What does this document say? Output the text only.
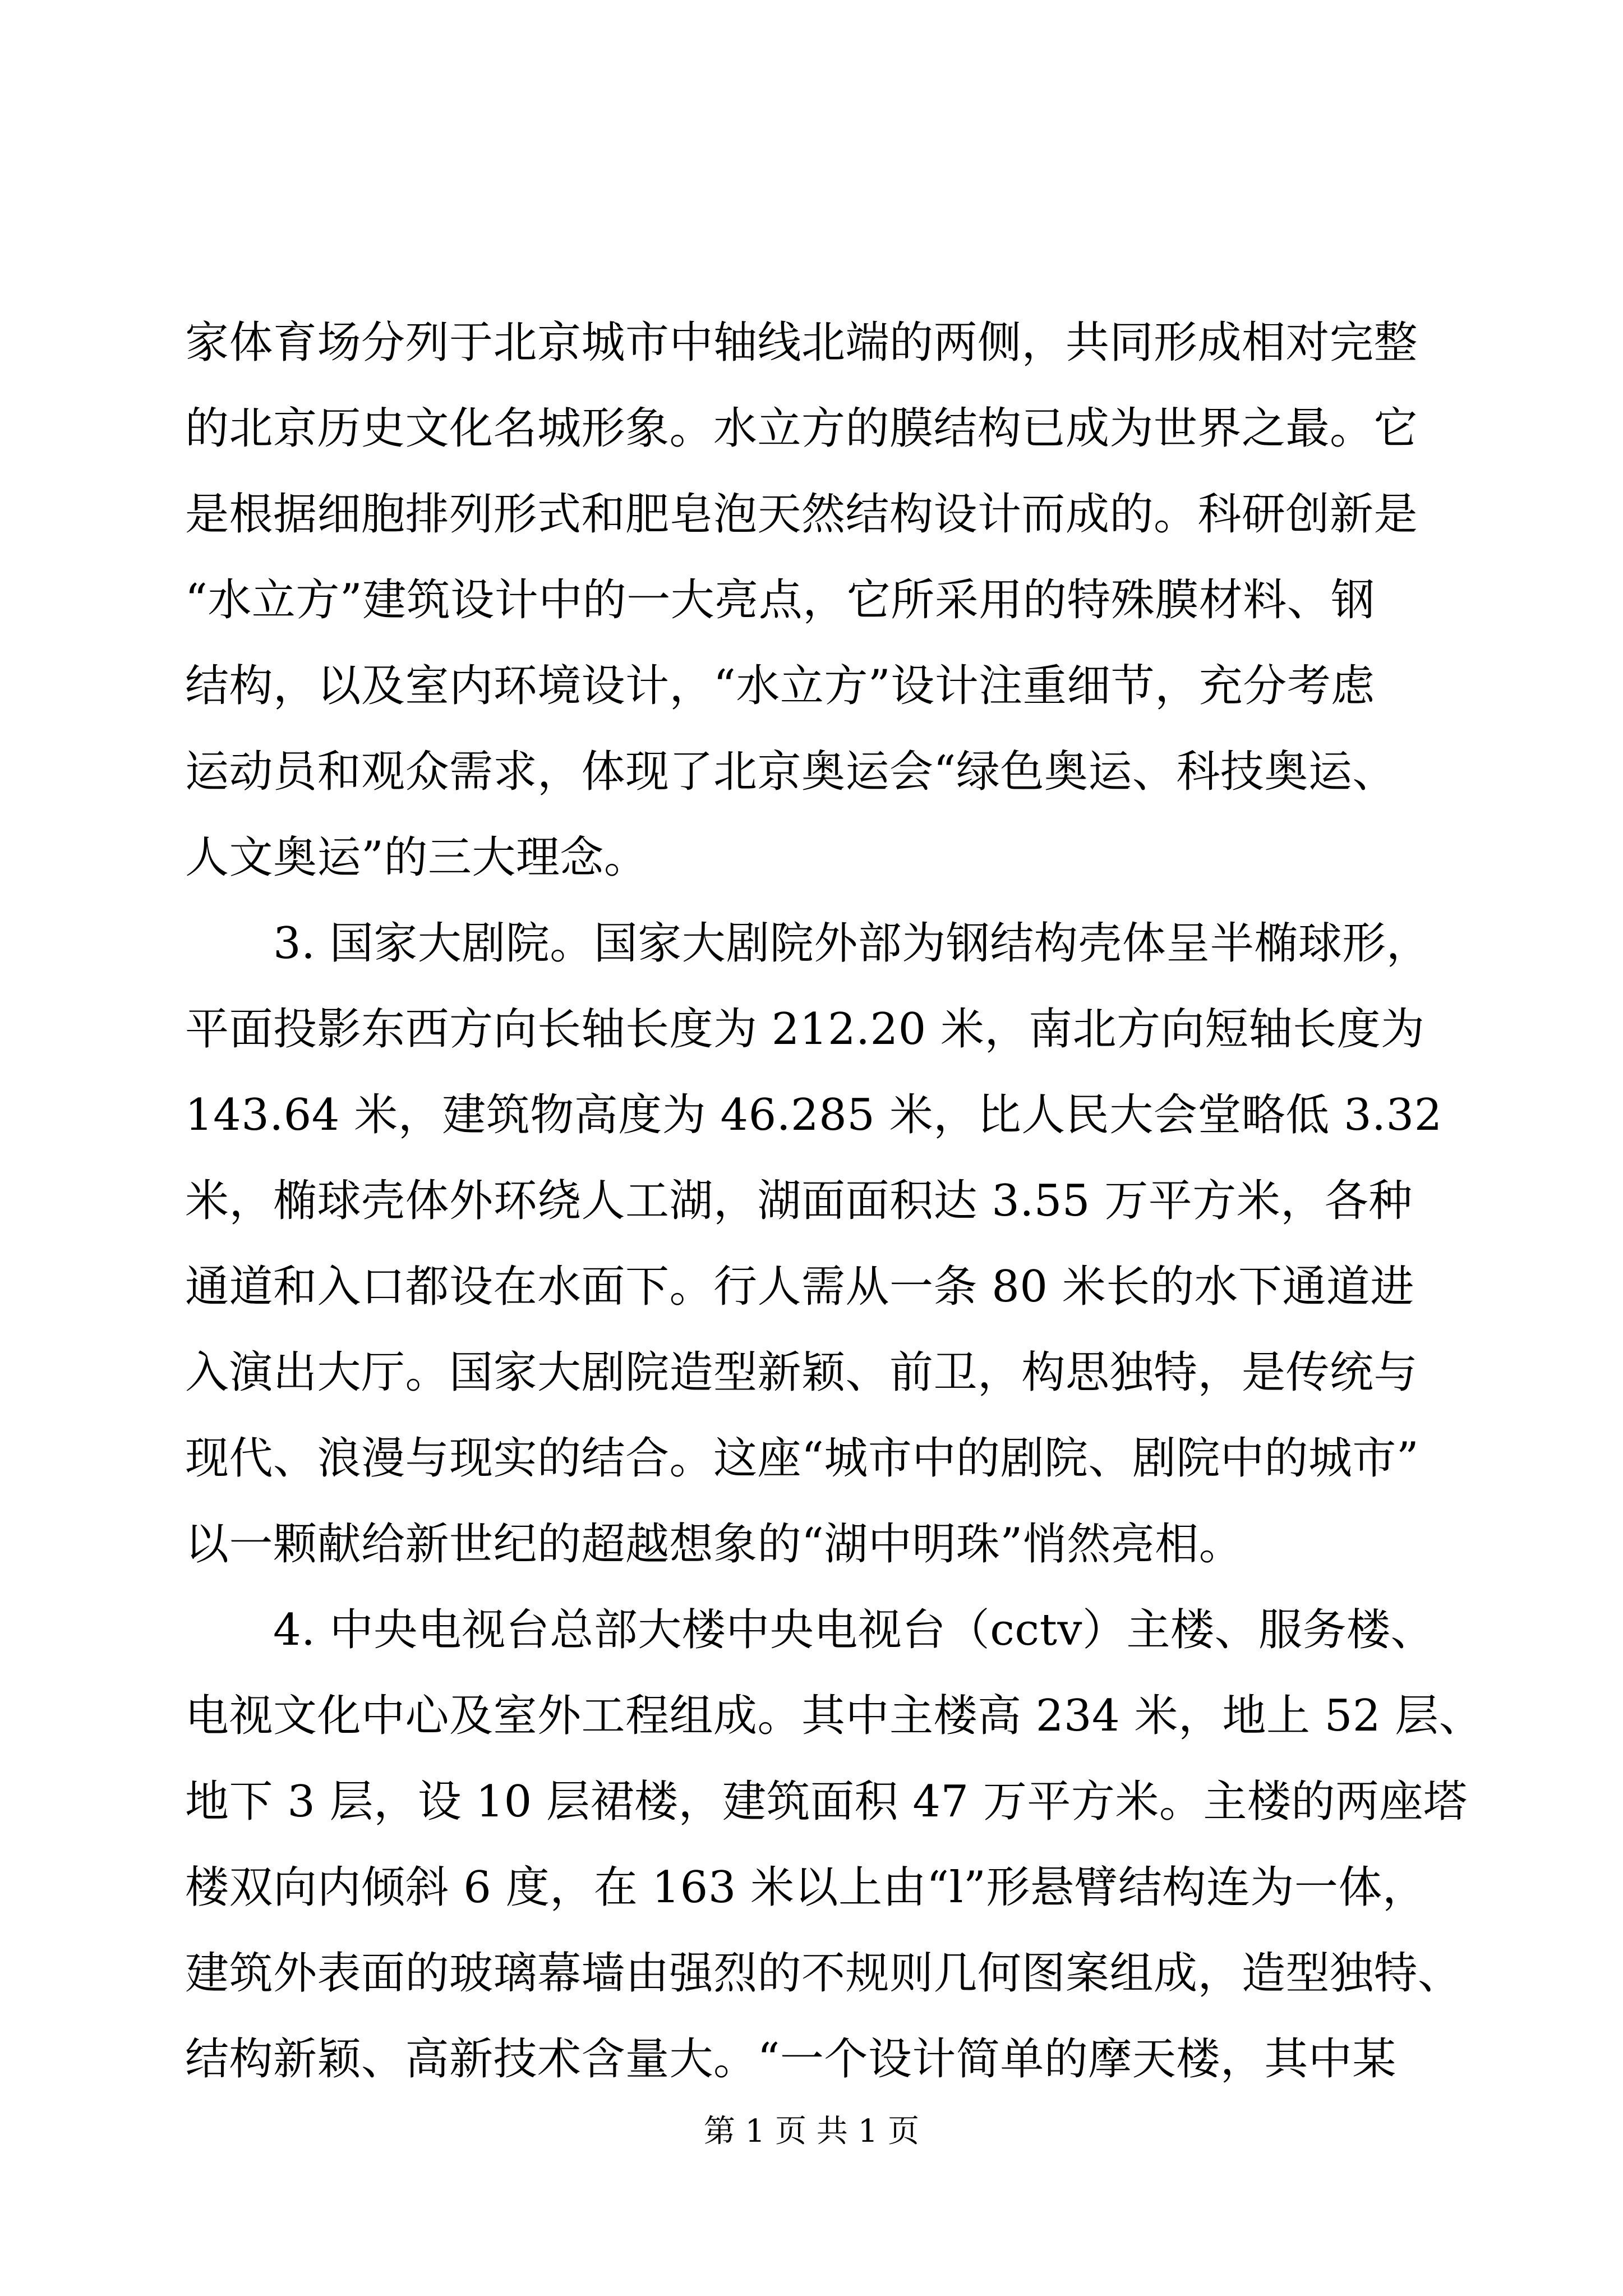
家体育场分列于北京城市中轴线北端的两侧，共同形成相对完整
的北京历史文化名城形象。水立方的膜结构已成为世界之最。它
是根据细胞排列形式和肥皂泡天然结构设计而成的。科研创新是
“水立方”建筑设计中的一大亮点，它所采用的特殊膜材料、钢
结构，以及室内环境设计，“水立方”设计注重细节，充分考虑
运动员和观众需求，体现了北京奥运会“绿色奥运、科技奥运、
人文奥运”的三大理念。
　　3. 国家大剧院。国家大剧院外部为钢结构壳体呈半椭球形，
平面投影东西方向长轴长度为 212.20 米，南北方向短轴长度为
143.64 米，建筑物高度为 46.285 米，比人民大会堂略低 3.32
米，椭球壳体外环绕人工湖，湖面面积达 3.55 万平方米，各种
通道和入口都设在水面下。行人需从一条 80 米长的水下通道进
入演出大厅。国家大剧院造型新颖、前卫，构思独特，是传统与
现代、浪漫与现实的结合。这座“城市中的剧院、剧院中的城市”
以一颗献给新世纪的超越想象的“湖中明珠”悄然亮相。
　　4. 中央电视台总部大楼中央电视台（cctv）主楼、服务楼、
电视文化中心及室外工程组成。其中主楼高 234 米，地上 52 层、
地下 3 层，设 10 层裙楼，建筑面积 47 万平方米。主楼的两座塔
楼双向内倾斜 6 度，在 163 米以上由“l”形悬臂结构连为一体，
建筑外表面的玻璃幕墙由强烈的不规则几何图案组成，造型独特、
结构新颖、高新技术含量大。“一个设计简单的摩天楼，其中某
第 1 页 共 1 页
